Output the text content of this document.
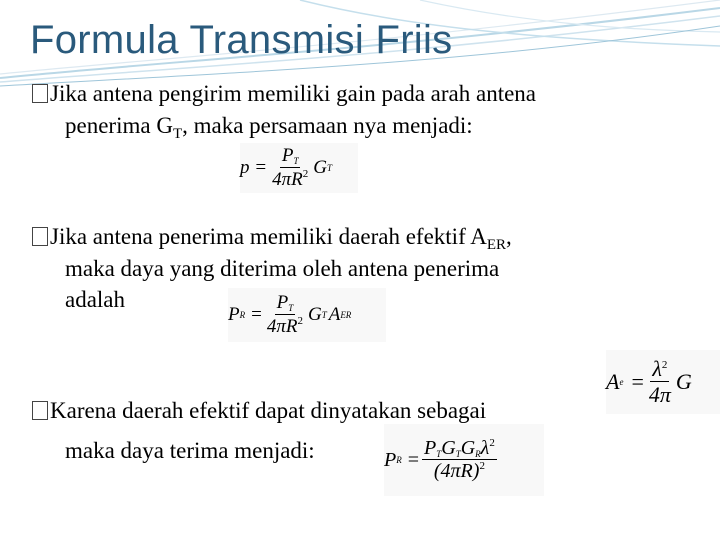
Formula Transmisi Friis
Jika antena pengirim memiliki gain pada arah antena
penerima $G_T$, maka persamaan nya menjadi:
$p = \frac{PT}{4\pi R^2}$ G T
Jika antena penerima memiliki daerah efektif $A_{ER}$,
maka daya yang diterima oleh antena penerima
adalah
P $R = \frac{PT}{4\pi R^2}$ G T A ER
A $e = \frac{\lambda^2}{4\pi}$ G
Karena daerah efektif dapat dinyatakan sebagai
maka daya terima menjadi:	P $R = \frac{PTGTGR\lambda^2}{(4\pi R)^2}$
